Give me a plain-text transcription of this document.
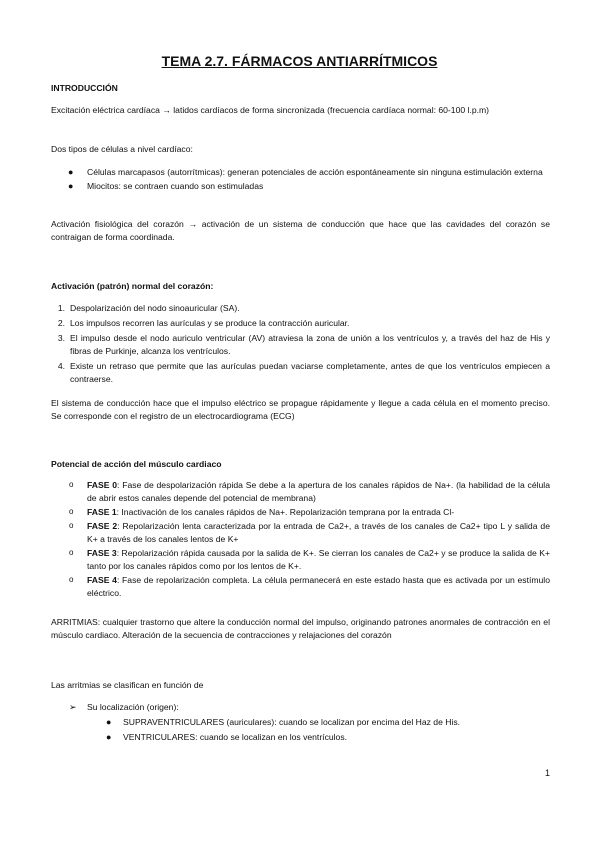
TEMA 2.7. FÁRMACOS ANTIARRÍTMICOS

INTRODUCCIÓN

Excitación eléctrica cardíaca → latidos cardíacos de forma sincronizada (frecuencia cardíaca normal: 60-100 l.p.m)
Dos tipos de células a nivel cardíaco:
● Células marcapasos (autorrítmicas): generan potenciales de acción espontáneamente sin ninguna estimulación externa
● Miocitos: se contraen cuando son estimuladas
Activación fisiológica del corazón → activación de un sistema de conducción que hace que las cavidades del corazón se contraigan de forma coordinada.
Activación (patrón) normal del corazón:
1. Despolarización del nodo sinoauricular (SA).
2. Los impulsos recorren las aurículas y se produce la contracción auricular.
3. El impulso desde el nodo auriculo ventricular (AV) atraviesa la zona de unión a los ventrículos y, a través del haz de His y fibras de Purkinje, alcanza los ventrículos.
4. Existe un retraso que permite que las aurículas puedan vaciarse completamente, antes de que los ventrículos empiecen a contraerse.
El sistema de conducción hace que el impulso eléctrico se propague rápidamente y llegue a cada célula en el momento preciso. Se corresponde con el registro de un electrocardiograma (ECG)
Potencial de acción del músculo cardiaco
o FASE 0: Fase de despolarización rápida Se debe a la apertura de los canales rápidos de Na+. (la habilidad de la célula de abrir estos canales depende del potencial de membrana)
o FASE 1: Inactivación de los canales rápidos de Na+. Repolarización temprana por la entrada Cl-
o FASE 2: Repolarización lenta caracterizada por la entrada de Ca2+, a través de los canales de Ca2+ tipo L y salida de K+ a través de los canales lentos de K+
o FASE 3: Repolarización rápida causada por la salida de K+. Se cierran los canales de Ca2+ y se produce la salida de K+ tanto por los canales rápidos como por los lentos de K+.
o FASE 4: Fase de repolarización completa. La célula permanecerá en este estado hasta que es activada por un estímulo eléctrico.
ARRITMIAS: cualquier trastorno que altere la conducción normal del impulso, originando patrones anormales de contracción en el músculo cardiaco. Alteración de la secuencia de contracciones y relajaciones del corazón
Las arritmias se clasifican en función de
➢ Su localización (origen):
● SUPRAVENTRICULARES (auriculares): cuando se localizan por encima del Haz de His.
● VENTRICULARES: cuando se localizan en los ventrículos.
1
